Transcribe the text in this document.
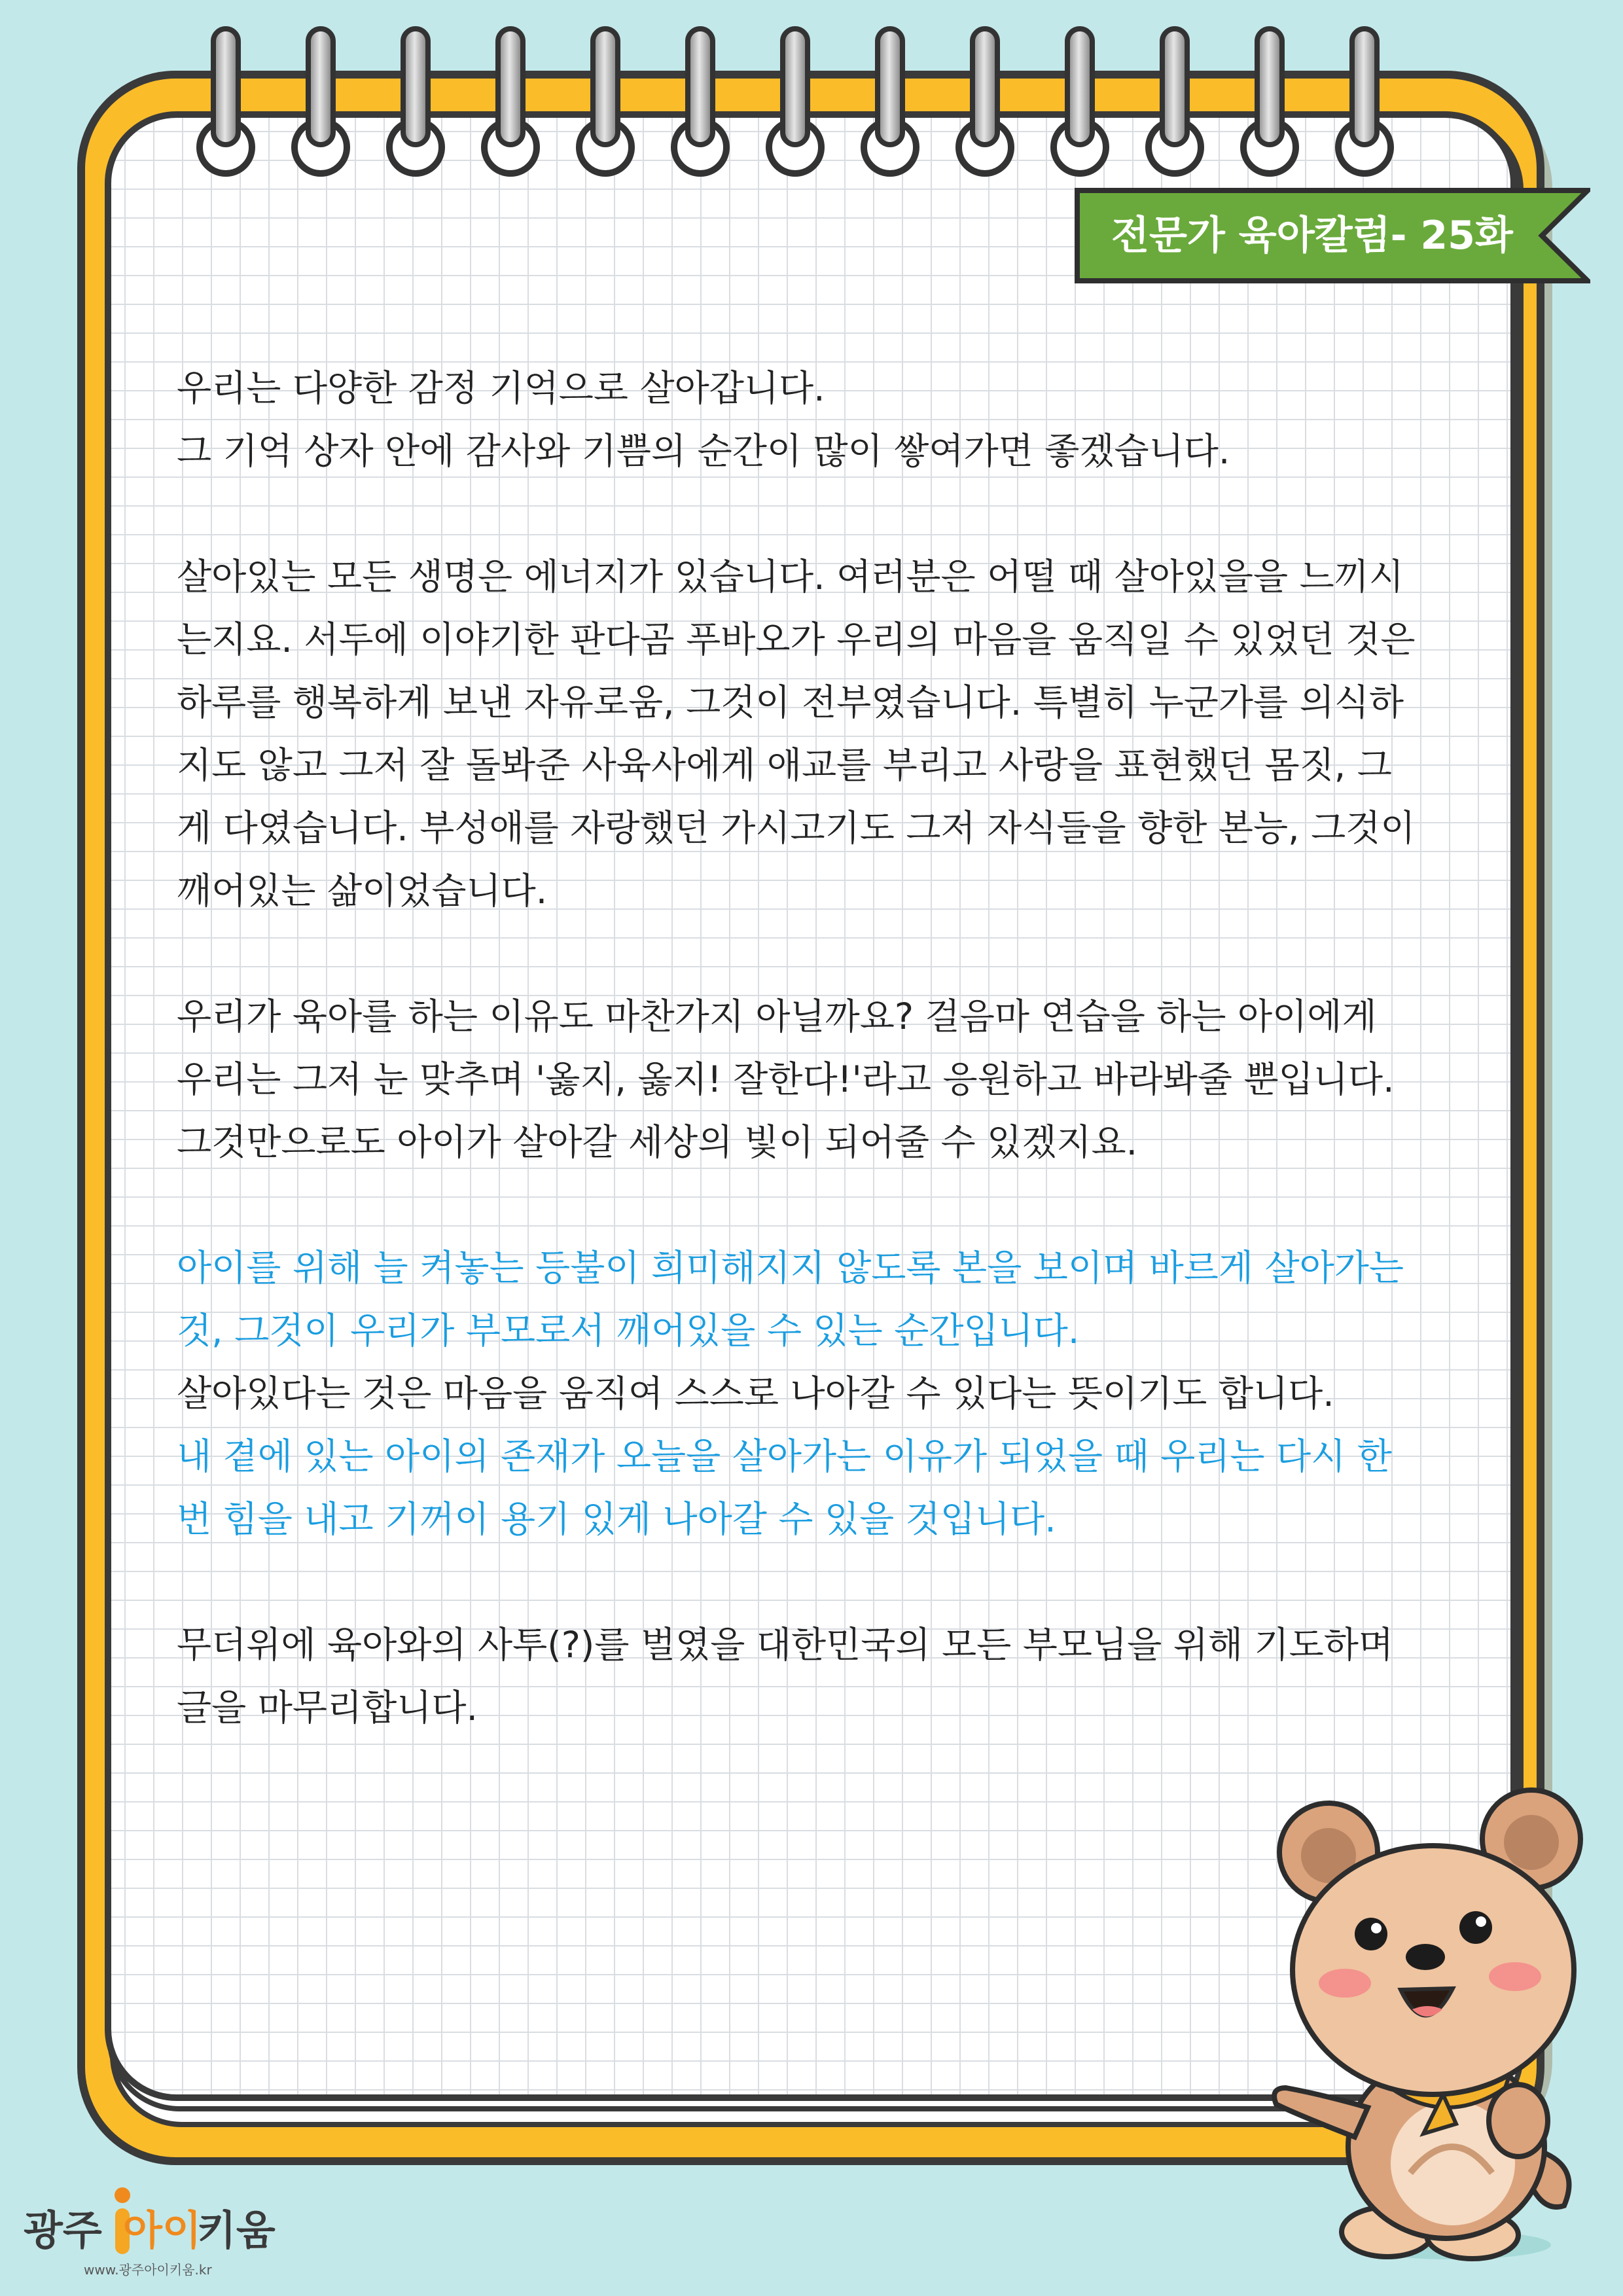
전문가 육아칼럼- 25화
우리는 다양한 감정 기억으로 살아갑니다.
그 기억 상자 안에 감사와 기쁨의 순간이 많이 쌓여가면 좋겠습니다.
살아있는 모든 생명은 에너지가 있습니다. 여러분은 어떨 때 살아있을을 느끼시
는지요. 서두에 이야기한 판다곰 푸바오가 우리의 마음을 움직일 수 있었던 것은
하루를 행복하게 보낸 자유로움, 그것이 전부였습니다. 특별히 누군가를 의식하
지도 않고 그저 잘 돌봐준 사육사에게 애교를 부리고 사랑을 표현했던 몸짓, 그
게 다였습니다. 부성애를 자랑했던 가시고기도 그저 자식들을 향한 본능, 그것이
깨어있는 삶이었습니다.
우리가 육아를 하는 이유도 마찬가지 아닐까요? 걸음마 연습을 하는 아이에게
우리는 그저 눈 맞추며 '옳지, 옳지! 잘한다!'라고 응원하고 바라봐줄 뿐입니다.
그것만으로도 아이가 살아갈 세상의 빛이 되어줄 수 있겠지요.
아이를 위해 늘 켜놓는 등불이 희미해지지 않도록 본을 보이며 바르게 살아가는
것, 그것이 우리가 부모로서 깨어있을 수 있는 순간입니다.
살아있다는 것은 마음을 움직여 스스로 나아갈 수 있다는 뜻이기도 합니다.
내 곁에 있는 아이의 존재가 오늘을 살아가는 이유가 되었을 때 우리는 다시 한
번 힘을 내고 기꺼이 용기 있게 나아갈 수 있을 것입니다.
무더위에 육아와의 사투(?)를 벌였을 대한민국의 모든 부모님을 위해 기도하며
글을 마무리합니다.
광주 아이
키움
www.광주아이키움.kr
